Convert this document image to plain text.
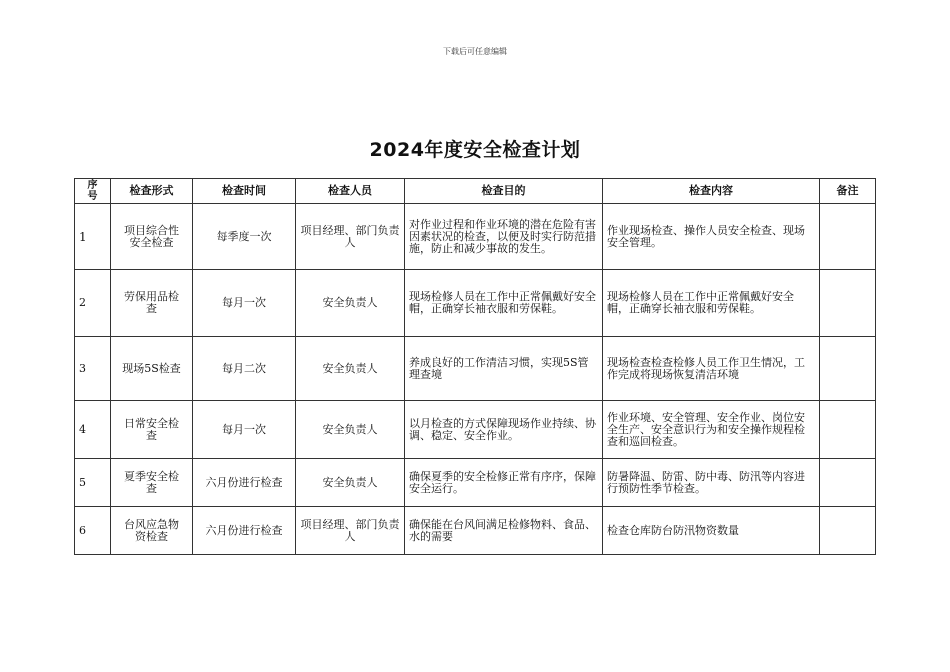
下载后可任意编辑
2024年度安全检查计划
序号	检查形式	检查时间	检查人员	检查目的	检查内容	备注
1	项目综合性安全检查	每季度一次	项目经理、部门负责人	对作业过程和作业环境的潜在危险有害因素状况的检查，以便及时实行防范措施，防止和减少事故的发生。	作业现场检查、操作人员安全检查、现场安全管理。	
2	劳保用品检查	每月一次	安全负责人	现场检修人员在工作中正常佩戴好安全帽，正确穿长袖衣服和劳保鞋。	现场检修人员在工作中正常佩戴好安全帽，正确穿长袖衣服和劳保鞋。	
3	现场5S检查	每月二次	安全负责人	养成良好的工作清洁习惯，实现5S管理查境	现场检查检查检修人员工作卫生情况，工作完成将现场恢复清洁环境	
4	日常安全检查	每月一次	安全负责人	以月检查的方式保障现场作业持续、协调、稳定、安全作业。	作业环境、安全管理、安全作业、岗位安全生产、安全意识行为和安全操作规程检查和巡回检查。	
5	夏季安全检查	六月份进行检查	安全负责人	确保夏季的安全检修正常有序序，保障安全运行。	防暑降温、防雷、防中毒、防汛等内容进行预防性季节检查。	
6	台风应急物资检查	六月份进行检查	项目经理、部门负责人	确保能在台风间满足检修物料、食品、水的需要	检查仓库防台防汛物资数量	
